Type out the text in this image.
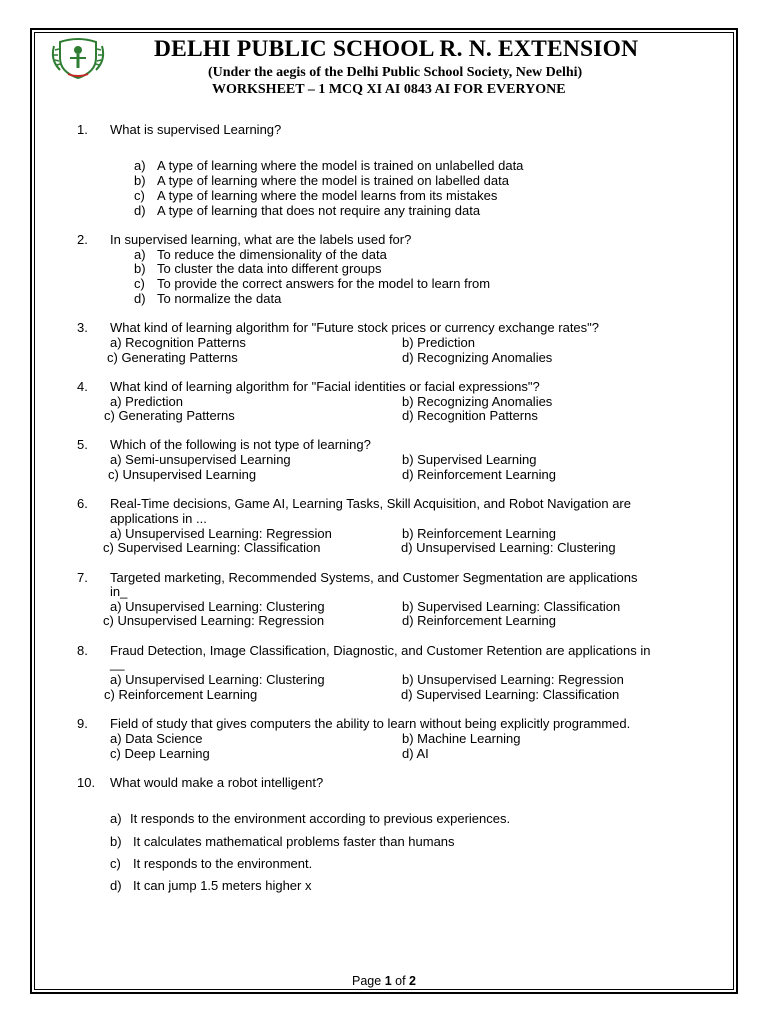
DELHI PUBLIC SCHOOL R. N. EXTENSION
(Under the aegis of the Delhi Public School Society, New Delhi)
WORKSHEET – 1 MCQ XI AI 0843 AI FOR EVERYONE
1. What is supervised Learning?
a) A type of learning where the model is trained on unlabelled data
b) A type of learning where the model is trained on labelled data
c) A type of learning where the model learns from its mistakes
d) A type of learning that does not require any training data
2. In supervised learning, what are the labels used for?
a) To reduce the dimensionality of the data
b) To cluster the data into different groups
c) To provide the correct answers for the model to learn from
d) To normalize the data
3. What kind of learning algorithm for "Future stock prices or currency exchange rates"?
a) Recognition Patterns	b) Prediction
c) Generating Patterns	d) Recognizing Anomalies
4. What kind of learning algorithm for "Facial identities or facial expressions"?
a) Prediction	b) Recognizing Anomalies
c) Generating Patterns	d) Recognition Patterns
5. Which of the following is not type of learning?
a) Semi-unsupervised Learning	b) Supervised Learning
c) Unsupervised Learning	d) Reinforcement Learning
6. Real-Time decisions, Game AI, Learning Tasks, Skill Acquisition, and Robot Navigation are
applications in ...
a) Unsupervised Learning: Regression	b) Reinforcement Learning
c) Supervised Learning: Classification	d) Unsupervised Learning: Clustering
7. Targeted marketing, Recommended Systems, and Customer Segmentation are applications
in_
a) Unsupervised Learning: Clustering	b) Supervised Learning: Classification
c) Unsupervised Learning: Regression	d) Reinforcement Learning
8. Fraud Detection, Image Classification, Diagnostic, and Customer Retention are applications in
__
a) Unsupervised Learning: Clustering	b) Unsupervised Learning: Regression
c) Reinforcement Learning	d) Supervised Learning: Classification
9. Field of study that gives computers the ability to learn without being explicitly programmed.
a) Data Science	b) Machine Learning
c) Deep Learning	d) AI
10. What would make a robot intelligent?
a) It responds to the environment according to previous experiences.
b) It calculates mathematical problems faster than humans
c) It responds to the environment.
d) It can jump 1.5 meters higher x
Page 1 of 2
